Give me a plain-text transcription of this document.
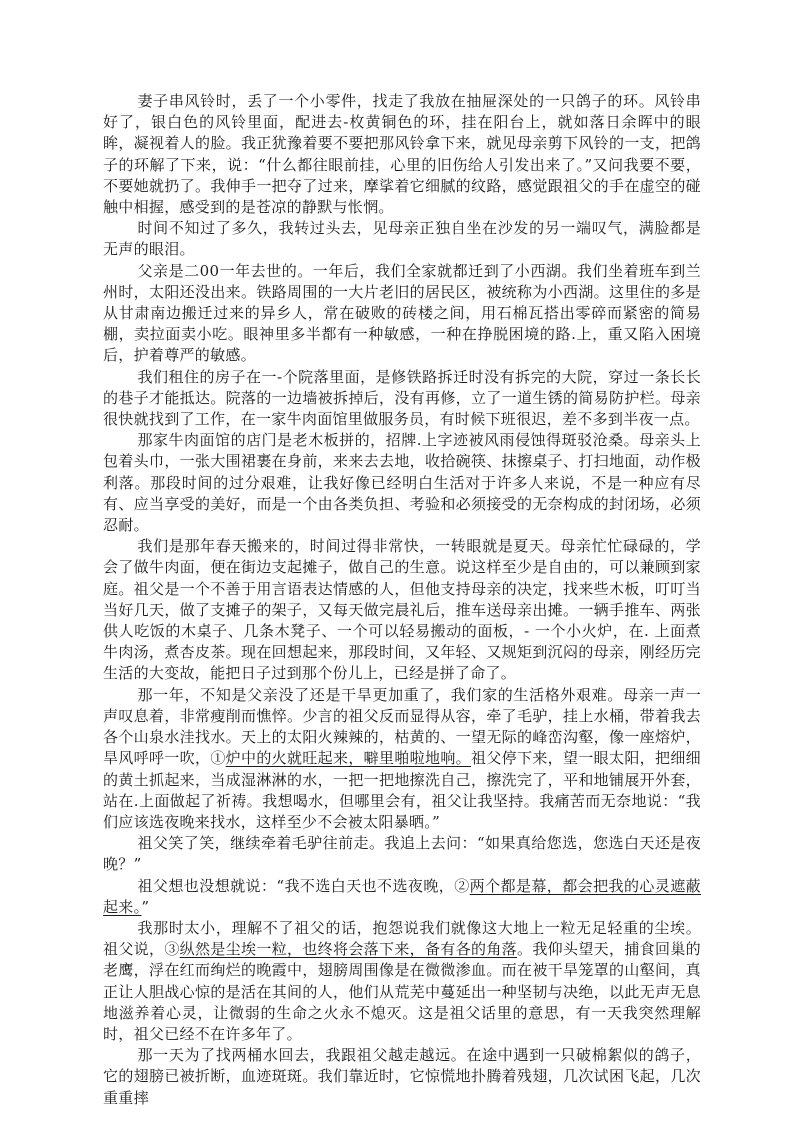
妻子串风铃时，丢了一个小零件，找走了我放在抽屉深处的一只鸽子的环。风铃串好了，银白色的风铃里面，配进去-枚黄铜色的环，挂在阳台上，就如落日余晖中的眼眸，凝视着人的脸。我正犹豫着要不要把那风铃拿下来，就见母亲剪下风铃的一支，把鸽子的环解了下来，说：“什么都往眼前挂，心里的旧伤给人引发出来了。”又问我要不要，不要她就扔了。我伸手一把夺了过来，摩挲着它细腻的纹路，感觉跟祖父的手在虚空的碰触中相握，感受到的是苍凉的静默与怅惘。

时间不知过了多久，我转过头去，见母亲正独自坐在沙发的另一端叹气，满脸都是无声的眼泪。

父亲是二00一年去世的。一年后，我们全家就都迁到了小西湖。我们坐着班车到兰州时，太阳还没出来。铁路周围的一大片老旧的居民区，被统称为小西湖。这里住的多是从甘肃南边搬迁过来的异乡人，常在破败的砖楼之间，用石棉瓦搭出零碎而紧密的简易棚，卖拉面卖小吃。眼神里多半都有一种敏感，一种在挣脱困境的路.上，重又陷入困境后，护着尊严的敏感。

我们租住的房子在一-个院落里面，是修铁路拆迁时没有拆完的大院，穿过一条长长的巷子才能抵达。院落的一边墙被拆掉后，没有再修，立了一道生锈的简易防护栏。母亲很快就找到了工作，在一家牛肉面馆里做服务员，有时候下班很迟，差不多到半夜一点。

那家牛肉面馆的店门是老木板拼的，招牌.上字迹被风雨侵蚀得斑驳沧桑。母亲头上包着头巾，一张大围裙裹在身前，来来去去地，收拾碗筷、抹擦桌子、打扫地面，动作极利落。那段时间的过分艰难，让我好像已经明白生活对于许多人来说，不是一种应有尽有、应当享受的美好，而是一个由各类负担、考验和必须接受的无奈构成的封闭场，必须忍耐。

我们是那年春天搬来的，时间过得非常快，一转眼就是夏天。母亲忙忙碌碌的，学会了做牛肉面，便在街边支起摊子，做自己的生意。说这样至少是自由的，可以兼顾到家庭。祖父是一个不善于用言语表达情感的人，但他支持母亲的决定，找来些木板，叮叮当当好几天，做了支摊子的架子，又每天做完晨礼后，推车送母亲出摊。一辆手推车、两张供人吃饭的木桌子、几条木凳子、一个可以轻易搬动的面板，- 一个小火炉，在. 上面煮牛肉汤，煮杏皮茶。现在回想起来，那段时间，又年轻、又规矩到沉闷的母亲，刚经历完生活的大变故，能把日子过到那个份儿上，已经是拼了命了。

那一年，不知是父亲没了还是干旱更加重了，我们家的生活格外艰难。母亲一声一声叹息着，非常瘦削而憔悴。少言的祖父反而显得从容，牵了毛驴，挂上水桶，带着我去各个山泉水洼找水。天上的太阳火辣辣的，枯黄的、一望无际的峰峦沟壑，像一座熔炉，旱风呼呼一吹，①炉中的火就旺起来，噼里啪啦地响。祖父停下来，望一眼太阳，把细细的黄土抓起来，当成湿淋淋的水，一把一把地擦洗自己，擦洗完了，平和地铺展开外套，站在.上面做起了祈祷。我想喝水，但哪里会有，祖父让我坚持。我痛苦而无奈地说：“我们应该选夜晚来找水，这样至少不会被太阳暴晒。”

祖父笑了笑，继续牵着毛驴往前走。我追上去问：“如果真给您选，您选白天还是夜晚？”

祖父想也没想就说：“我不选白天也不选夜晚，②两个都是幕，都会把我的心灵遮蔽起来。”

我那时太小，理解不了祖父的话，抱怨说我们就像这大地上一粒无足轻重的尘埃。祖父说，③纵然是尘埃一粒，也终将会落下来，备有各的角落。我仰头望天，捕食回巢的老鹰，浮在红而绚烂的晚霞中，翅膀周围像是在微微渗血。而在被干旱笼罩的山壑间，真正让人胆战心惊的是活在其间的人，他们从荒芜中蔓延出一种坚韧与决绝，以此无声无息地滋养着心灵，让微弱的生命之火永不熄灭。这是祖父话里的意思，有一天我突然理解时，祖父已经不在许多年了。

那一天为了找两桶水回去，我跟祖父越走越远。在途中遇到一只破棉絮似的鸽子，它的翅膀已被折断，血迹斑斑。我们靠近时，它惊慌地扑腾着残翅，几次试困飞起，几次重重摔
